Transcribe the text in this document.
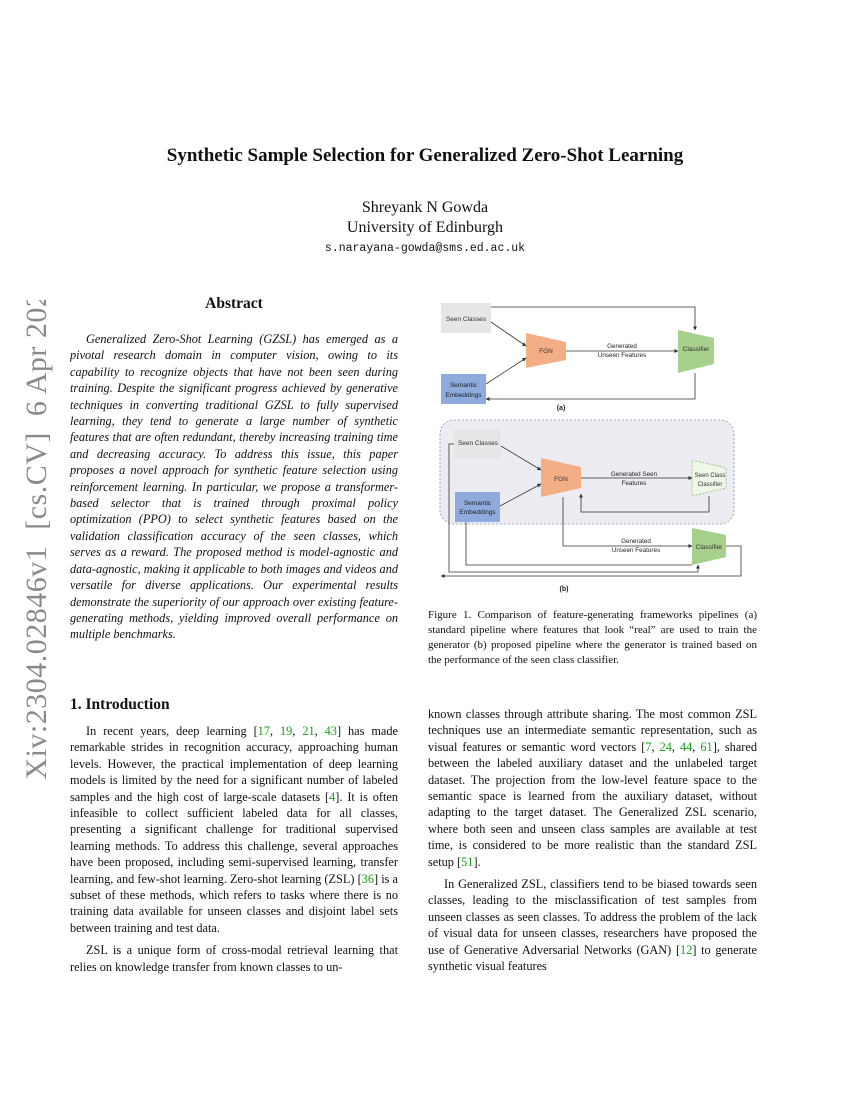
arXiv:2304.02846v1  [cs.CV]  6 Apr 2023
Synthetic Sample Selection for Generalized Zero-Shot Learning
Shreyank N Gowda
University of Edinburgh
s.narayana-gowda@sms.ed.ac.uk
Abstract
Generalized Zero-Shot Learning (GZSL) has emerged as a pivotal research domain in computer vision, owing to its capability to recognize objects that have not been seen during training. Despite the significant progress achieved by generative techniques in converting traditional GZSL to fully supervised learning, they tend to generate a large number of synthetic features that are often redundant, thereby increasing training time and decreasing accuracy. To address this issue, this paper proposes a novel approach for synthetic feature selection using reinforcement learning. In particular, we propose a transformer-based selector that is trained through proximal policy optimization (PPO) to select synthetic features based on the validation classification accuracy of the seen classes, which serves as a reward. The proposed method is model-agnostic and data-agnostic, making it applicable to both images and videos and versatile for diverse applications. Our experimental results demonstrate the superiority of our approach over existing feature-generating methods, yielding improved overall performance on multiple benchmarks.
1. Introduction

In recent years, deep learning [17, 19, 21, 43] has made remarkable strides in recognition accuracy, approaching human levels. However, the practical implementation of deep learning models is limited by the need for a significant number of labeled samples and the high cost of large-scale datasets [4]. It is often infeasible to collect sufficient labeled data for all classes, presenting a significant challenge for traditional supervised learning methods. To address this challenge, several approaches have been proposed, including semi-supervised learning, transfer learning, and few-shot learning. Zero-shot learning (ZSL) [36] is a subset of these methods, which refers to tasks where there is no training data available for unseen classes and disjoint label sets between training and test data.

ZSL is a unique form of cross-modal retrieval learning that relies on knowledge transfer from known classes to un-

known classes through attribute sharing. The most common ZSL techniques use an intermediate semantic representation, such as visual features or semantic word vectors [7, 24, 44, 61], shared between the labeled auxiliary dataset and the unlabeled target dataset. The projection from the low-level feature space to the semantic space is learned from the auxiliary dataset, without adapting to the target dataset. The Generalized ZSL scenario, where both seen and unseen class samples are available at test time, is considered to be more realistic than the standard ZSL setup [51].

In Generalized ZSL, classifiers tend to be biased towards seen classes, leading to the misclassification of test samples from unseen classes as seen classes. To address the problem of the lack of visual data for unseen classes, researchers have proposed the use of Generative Adversarial Networks (GAN) [12] to generate synthetic visual features

Seen Classes
Semantic
Embeddings
FGN	Classifier
Generated
Unseen Features
(a)
Seen Classes
Semantic
Embeddings
FGN	Seen Class
Classifier
Generated Seen
Features
Classifier
Generated
Unseen Features
(b)
Figure 1. Comparison of feature-generating frameworks pipelines (a) standard pipeline where features that look “real” are used to train the generator (b) proposed pipeline where the generator is trained based on the performance of the seen class classifier.
